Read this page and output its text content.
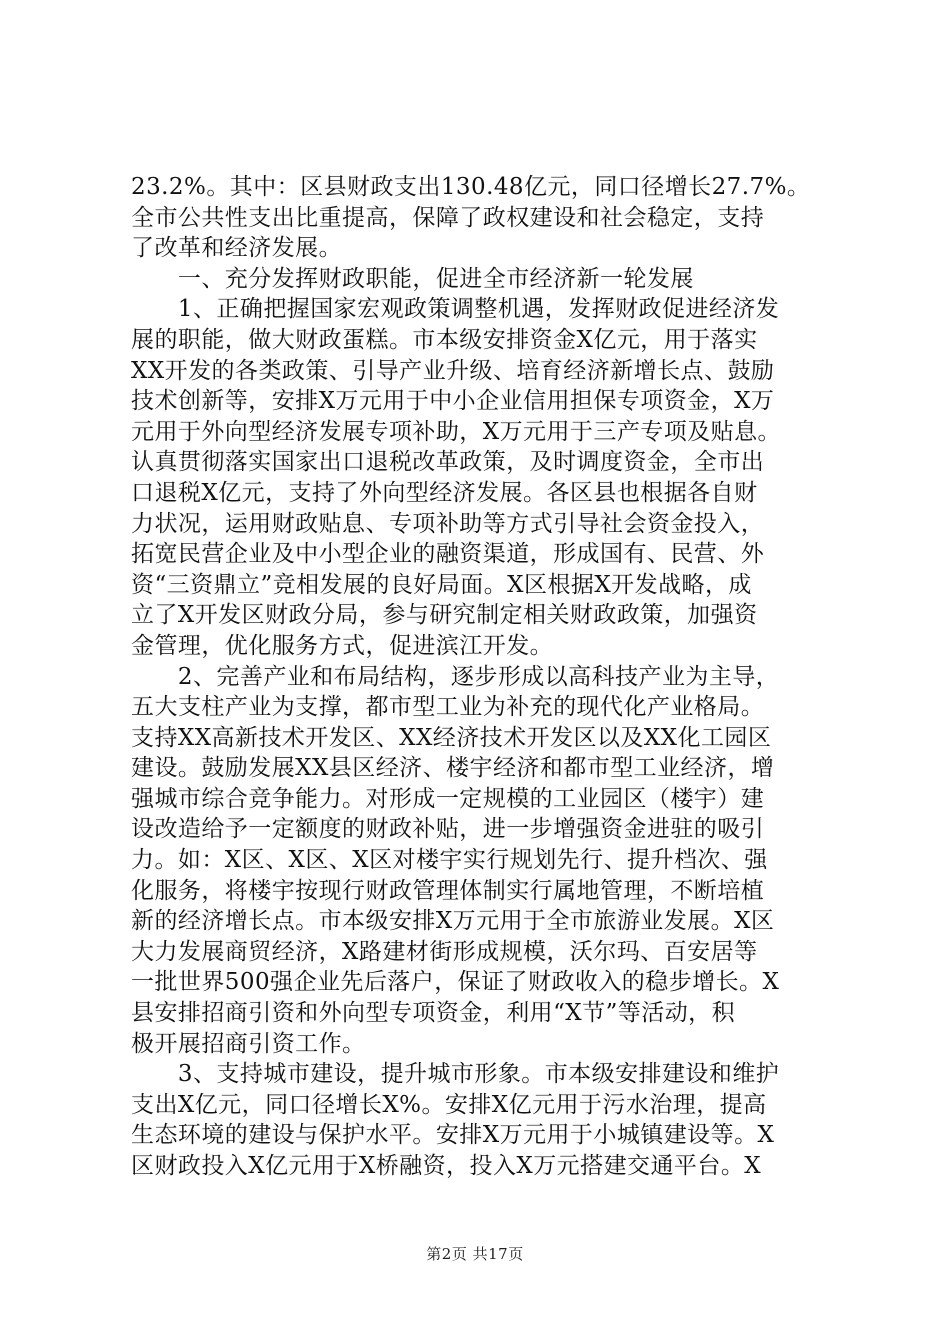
23.2%。其中：区县财政支出130.48亿元，同口径增长27.7%。
全市公共性支出比重提高，保障了政权建设和社会稳定，支持
了改革和经济发展。
　　一、充分发挥财政职能，促进全市经济新一轮发展
　　1、正确把握国家宏观政策调整机遇，发挥财政促进经济发
展的职能，做大财政蛋糕。市本级安排资金X亿元，用于落实
XX开发的各类政策、引导产业升级、培育经济新增长点、鼓励
技术创新等，安排X万元用于中小企业信用担保专项资金，X万
元用于外向型经济发展专项补助，X万元用于三产专项及贴息。
认真贯彻落实国家出口退税改革政策，及时调度资金，全市出
口退税X亿元，支持了外向型经济发展。各区县也根据各自财
力状况，运用财政贴息、专项补助等方式引导社会资金投入，
拓宽民营企业及中小型企业的融资渠道，形成国有、民营、外
资“三资鼎立”竞相发展的良好局面。X区根据X开发战略，成
立了X开发区财政分局，参与研究制定相关财政政策，加强资
金管理，优化服务方式，促进滨江开发。
　　2、完善产业和布局结构，逐步形成以高科技产业为主导，
五大支柱产业为支撑，都市型工业为补充的现代化产业格局。
支持XX高新技术开发区、XX经济技术开发区以及XX化工园区
建设。鼓励发展XX县区经济、楼宇经济和都市型工业经济，增
强城市综合竞争能力。对形成一定规模的工业园区（楼宇）建
设改造给予一定额度的财政补贴，进一步增强资金进驻的吸引
力。如：X区、X区、X区对楼宇实行规划先行、提升档次、强
化服务，将楼宇按现行财政管理体制实行属地管理，不断培植
新的经济增长点。市本级安排X万元用于全市旅游业发展。X区
大力发展商贸经济，X路建材街形成规模，沃尔玛、百安居等
一批世界500强企业先后落户，保证了财政收入的稳步增长。X
县安排招商引资和外向型专项资金，利用“X节”等活动，积
极开展招商引资工作。
　　3、支持城市建设，提升城市形象。市本级安排建设和维护
支出X亿元，同口径增长X%。安排X亿元用于污水治理，提高
生态环境的建设与保护水平。安排X万元用于小城镇建设等。X
区财政投入X亿元用于X桥融资，投入X万元搭建交通平台。X
第2页 共17页
